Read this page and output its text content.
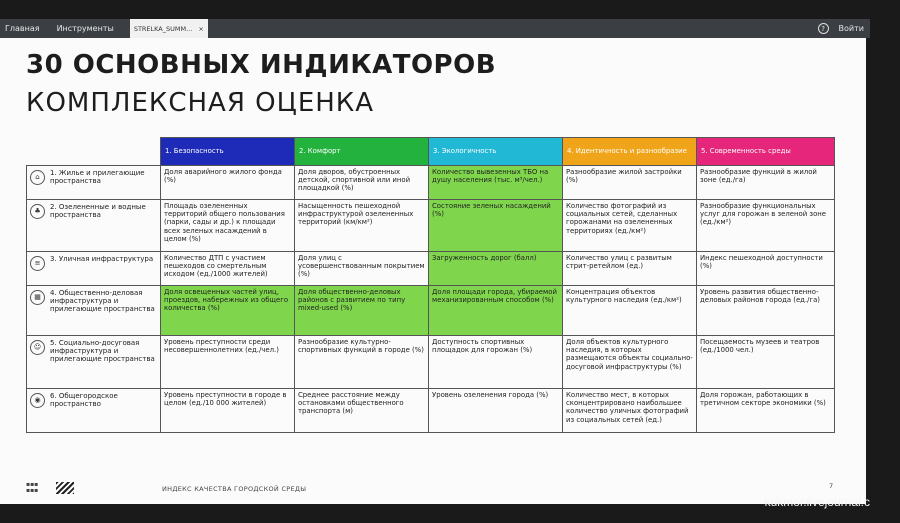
Главная Инструменты	STRELKA_SUMM... ×	?	Войти
30 ОСНОВНЫХ ИНДИКАТОРОВ
КОМПЛЕКСНАЯ ОЦЕНКА
	1. Безопасность	2. Комфорт	3. Экологичность	4. Идентичность и разнообразие	5. Современность среды

⌂
1. Жилье и прилегающие пространства	Доля аварийного жилого фонда (%)	Доля дворов, обустроенных детской, спортивной или иной площадкой (%)	Количество вывезенных ТБО на душу населения (тыс. м³/чел.)	Разнообразие жилой застройки (%)	Разнообразие функций в жилой зоне (ед./га)

♣
2. Озелененные и водные пространства	Площадь озелененных территорий общего пользования (парки, сады и др.) к площади всех зеленых насаждений в целом (%)	Насыщенность пешеходной инфраструктурой озелененных территорий (км/км²)	Состояние зеленых насаждений (%)	Количество фотографий из социальных сетей, сделанных горожанами на озелененных территориях (ед./км²)	Разнообразие функциональных услуг для горожан в зеленой зоне (ед./км²)

≡
3. Уличная инфраструктура	Количество ДТП с участием пешеходов со смертельным исходом (ед./1000 жителей)	Доля улиц с усовершенствованным покрытием (%)	Загруженность дорог (балл)	Количество улиц с развитым стрит-ретейлом (ед.)	Индекс пешеходной доступности (%)

▦
4. Общественно-деловая инфраструктура и прилегающие пространства	Доля освещенных частей улиц, проездов, набережных из общего количества (%)	Доля общественно-деловых районов с развитием по типу mixed-used (%)	Доля площади города, убираемой механизированным способом (%)	Концентрация объектов культурного наследия (ед./км²)	Уровень развития общественно-деловых районов города (ед./га)

☺
5. Социально-досуговая инфраструктура и прилегающие пространства	Уровень преступности среди несовершеннолетних (ед./чел.)	Разнообразие культурно-спортивных функций в городе (%)	Доступность спортивных площадок для горожан (%)	Доля объектов культурного наследия, в которых размещаются объекты социально-досуговой инфраструктуры (%)	Посещаемость музеев и театров (ед./1000 чел.)

◉
6. Общегородское пространство	Уровень преступности в городе в целом (ед./10 000 жителей)	Среднее расстояние между остановками общественного транспорта (м)	Уровень озеленения города (%)	Количество мест, в которых сконцентрировано наибольшее количество уличных фотографий из социальных сетей (ед.)	Доля горожан, работающих в третичном секторе экономики (%)
▪▪▪
▪▪▪	ИНДЕКС КАЧЕСТВА ГОРОДСКОЙ СРЕДЫ	7
kukmor.livejournal.c
